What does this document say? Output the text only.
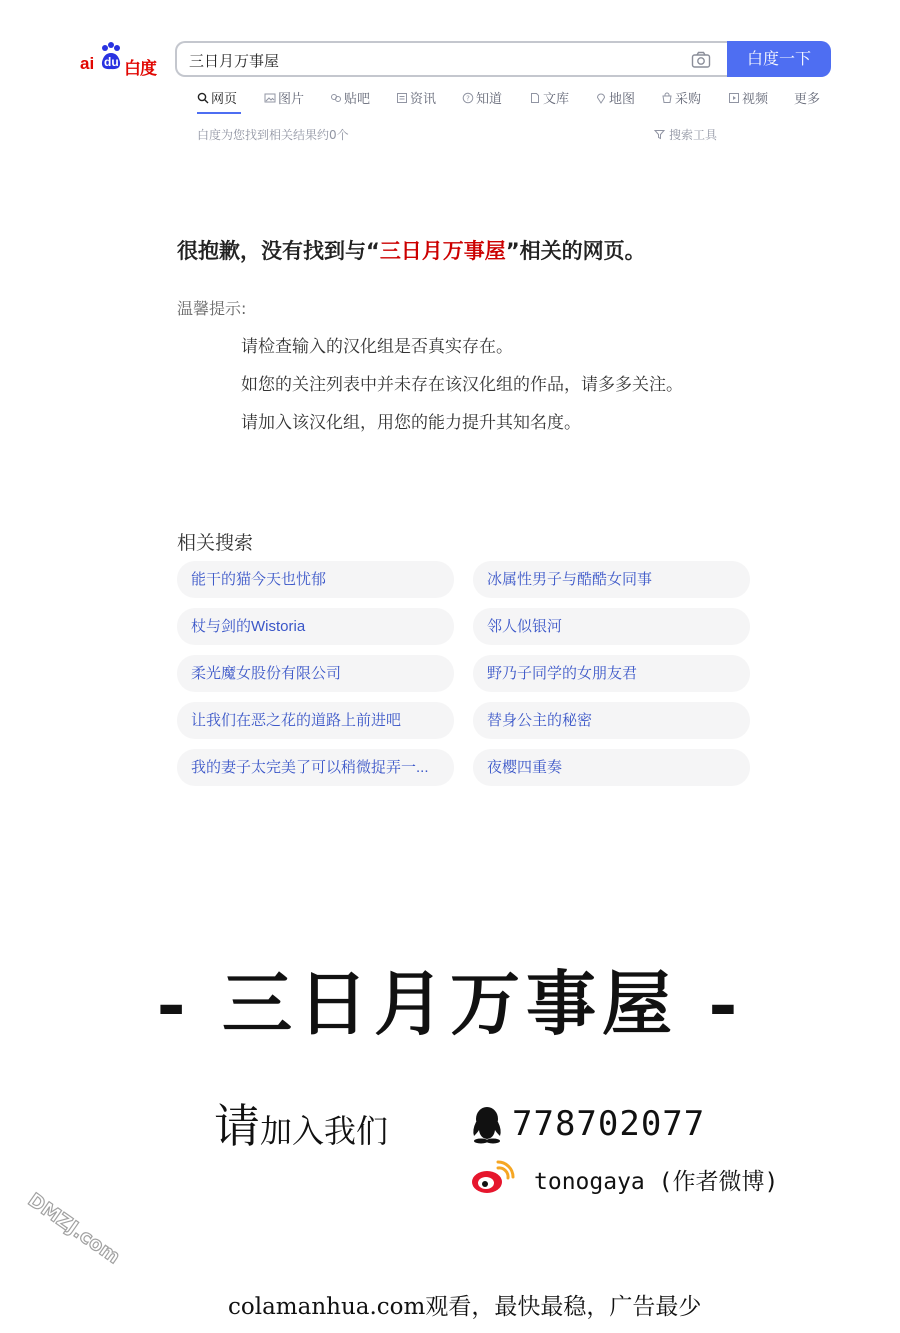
ai du 白度
三日月万事屋	白度一下
网页	图片	贴吧	资讯	? 知道	文库	地图	采购	视频 更多
白度为您找到相关结果约0个	搜索工具
很抱歉，没有找到与“三日月万事屋”相关的网页。
温馨提示:
请检查输入的汉化组是否真实存在。
如您的关注列表中并未存在该汉化组的作品，请多多关注。
请加入该汉化组，用您的能力提升其知名度。
相关搜索
能干的猫今天也忧郁	冰属性男子与酷酷女同事
杖与剑的Wistoria	邻人似银河
柔光魔女股份有限公司	野乃子同学的女朋友君
让我们在恶之花的道路上前进吧	替身公主的秘密
我的妻子太完美了可以稍微捉弄一...	夜樱四重奏
- 三日月万事屋 -
请加入我们	778702077
tonogaya (作者微博)
DMZJ.com
colamanhua.com观看，最快最稳，广告最少
